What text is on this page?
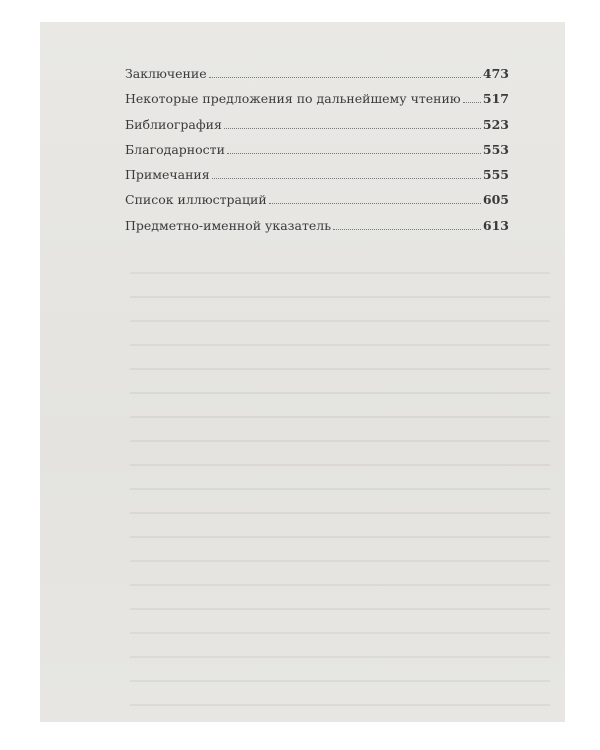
Заключение	473
Некоторые предложения по дальнейшему чтению 517
Библиография	523
Благодарности	553
Примечания	555
Список иллюстраций	605
Предметно-именной указатель	613
